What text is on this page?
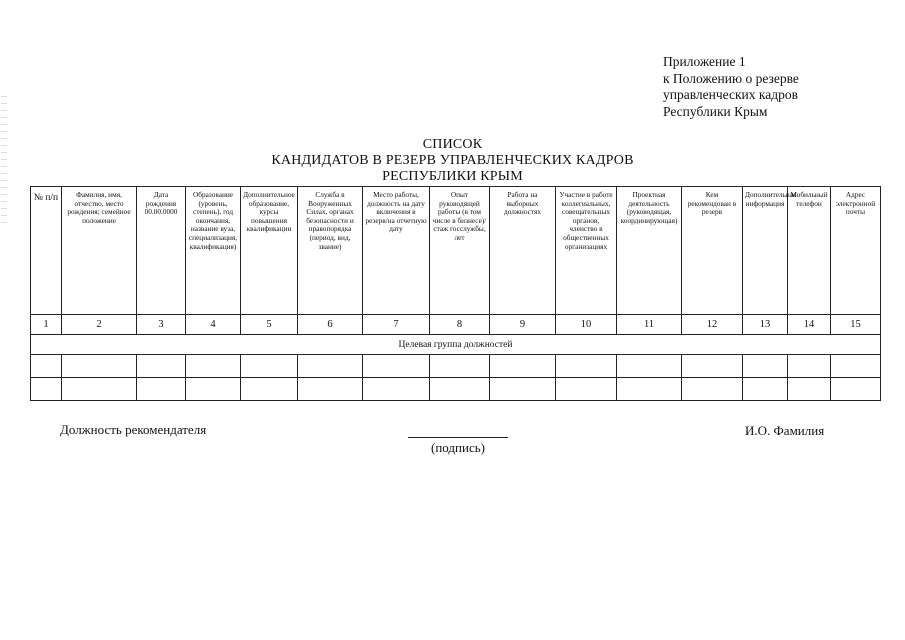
Приложение 1
к Положению о резерве
управленческих кадров
Республики Крым
СПИСОК
КАНДИДАТОВ В РЕЗЕРВ УПРАВЛЕНЧЕСКИХ КАДРОВ
РЕСПУБЛИКИ КРЫМ
№ п/п	Фамилия, имя, отчество, место рождения; семейное положение	Дата рождения 00.00.0000	Образование (уровень, степень), год окончания, название вуза, специализация, квалификация)	Дополнительное образование, курсы повышения квалификации	Служба в Вооруженных Силах, органах безопасности и правопорядка (период, вид, звание)	Место работы, должность на дату включения в резерв/на отчетную дату	Опыт руководящей работы (в том числе в бизнесе)/ стаж госслужбы, лет	Работа на выборных должностях	Участие в работе коллегиальных, совещательных органов, членство в общественных организациях	Проектная деятельность (руководящая, координирующая)	Кем рекомендован в резерв	Дополнительная информация	Мобильный телефон	Адрес электронной почты

1	2	3	4	5	6	7	8	9	10	11	12	13	14	15
Целевая группа должностей														

Должность рекомендателя
(подпись)
И.О. Фамилия
